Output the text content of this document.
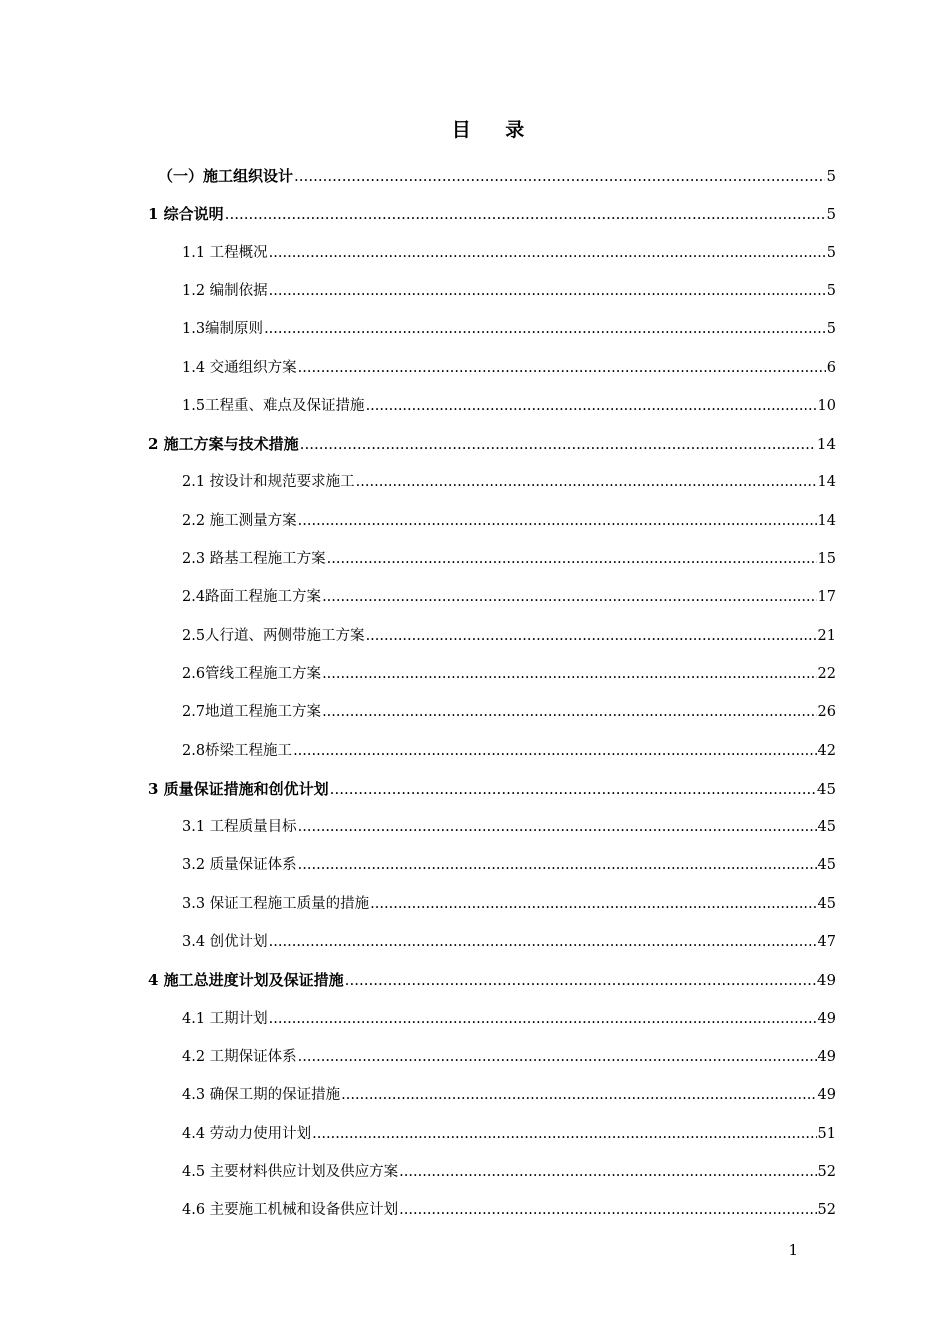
目 录
（一）施工组织设计 .....	5
1 综合说明 .....	5
1.1 工程概况 .....	5
1.2 编制依据 .....	5
1.3编制原则 .....	5
1.4 交通组织方案 .....	6
1.5工程重、难点及保证措施 .....	10
2 施工方案与技术措施 .....	14
2.1 按设计和规范要求施工 .....	14
2.2 施工测量方案 .....	14
2.3 路基工程施工方案 .....	15
2.4路面工程施工方案 .....	17
2.5人行道、两侧带施工方案 .....	21
2.6管线工程施工方案 .....	22
2.7地道工程施工方案 .....	26
2.8桥梁工程施工 .....	42
3 质量保证措施和创优计划 .....	45
3.1 工程质量目标 .....	45
3.2 质量保证体系 .....	45
3.3 保证工程施工质量的措施 .....	45
3.4 创优计划 .....	47
4 施工总进度计划及保证措施 .....	49
4.1 工期计划 .....	49
4.2 工期保证体系 .....	49
4.3 确保工期的保证措施 .....	49
4.4 劳动力使用计划 .....	51
4.5 主要材料供应计划及供应方案 .....	52
4.6 主要施工机械和设备供应计划 .....	52
1
